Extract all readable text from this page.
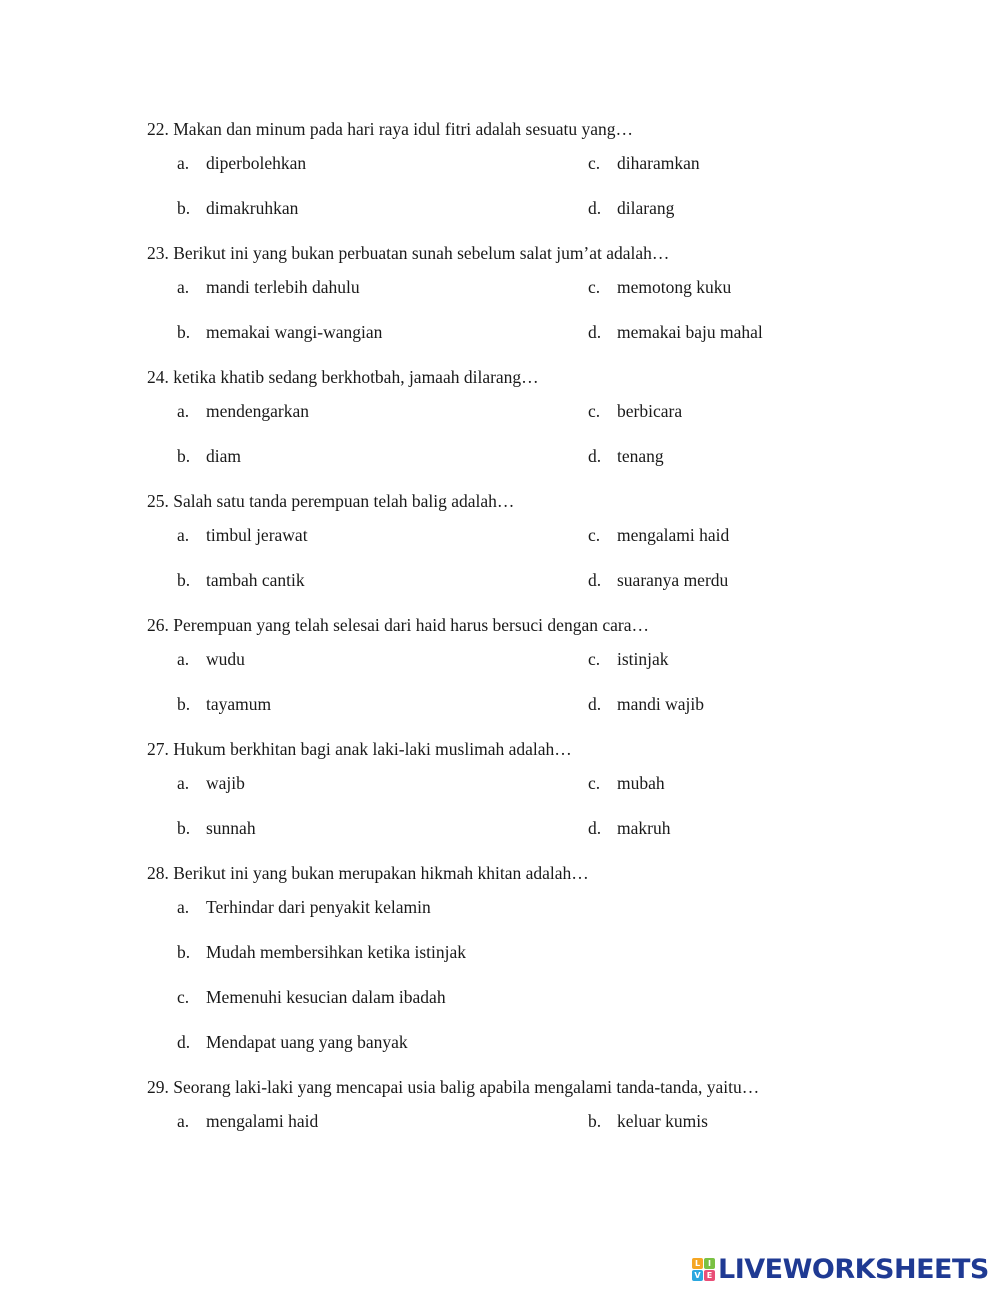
22. Makan dan minum pada hari raya idul fitri adalah sesuatu yang…
a. diperbolehkan	c. diharamkan
b. dimakruhkan	d. dilarang
23. Berikut ini yang bukan perbuatan sunah sebelum salat jum’at adalah…
a. mandi terlebih dahulu	c. memotong kuku
b. memakai wangi-wangian	d. memakai baju mahal
24. ketika khatib sedang berkhotbah, jamaah dilarang…
a. mendengarkan	c. berbicara
b. diam	d. tenang
25. Salah satu tanda perempuan telah balig adalah…
a. timbul jerawat	c. mengalami haid
b. tambah cantik	d. suaranya merdu
26. Perempuan yang telah selesai dari haid harus bersuci dengan cara…
a. wudu	c. istinjak
b. tayamum	d. mandi wajib
27. Hukum berkhitan bagi anak laki-laki muslimah adalah…
a. wajib	c. mubah
b. sunnah	d. makruh
28. Berikut ini yang bukan merupakan hikmah khitan adalah…
a. Terhindar dari penyakit kelamin
b. Mudah membersihkan ketika istinjak
c. Memenuhi kesucian dalam ibadah
d. Mendapat uang yang banyak
29. Seorang laki-laki yang mencapai usia balig apabila mengalami tanda-tanda, yaitu…
a. mengalami haid	b. keluar kumis
L I
V E LIVEWORKSHEETS
